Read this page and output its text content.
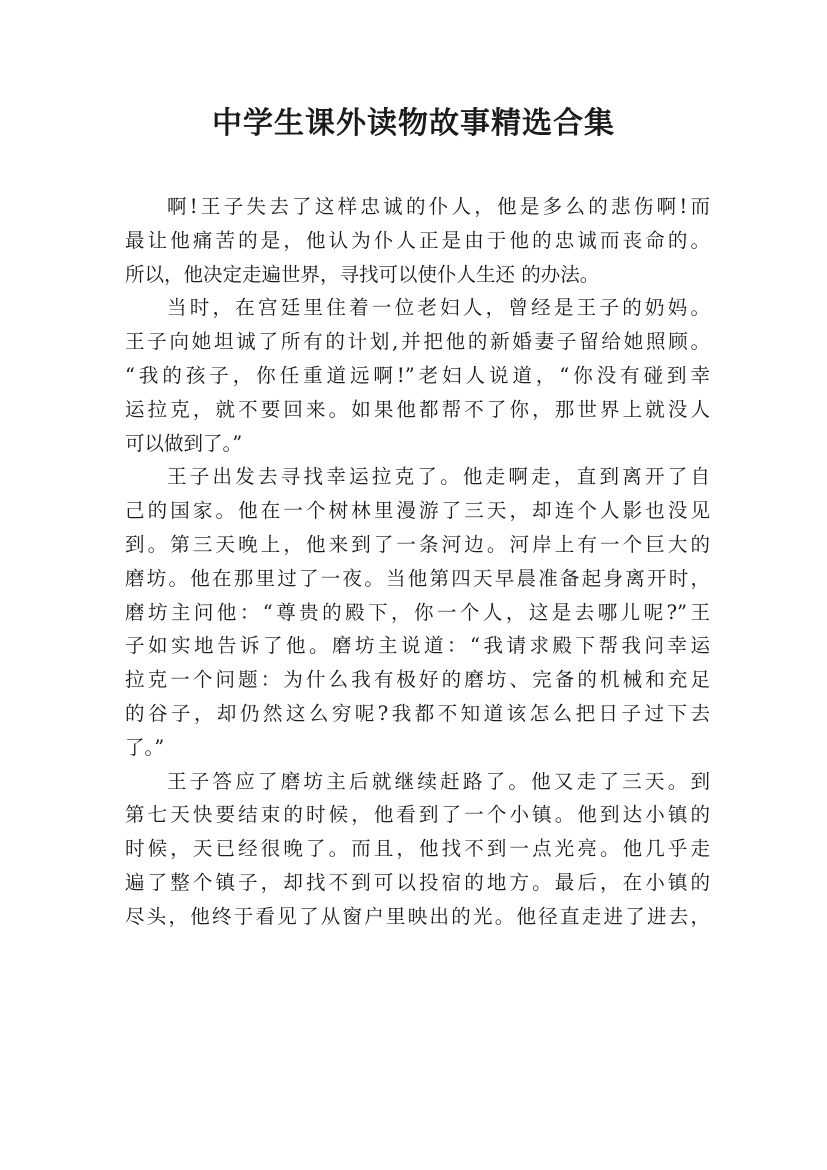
中学生课外读物故事精选合集
啊!王子失去了这样忠诚的仆人，他是多么的悲伤啊!而
最让他痛苦的是，他认为仆人正是由于他的忠诚而丧命的。
所以，他决定走遍世界，寻找可以使仆人生还 的办法。
当时，在宫廷里住着一位老妇人，曾经是王子的奶妈。
王子向她坦诚了所有的计划,并把他的新婚妻子留给她照顾。
“我的孩子，你任重道远啊!”老妇人说道，“你没有碰到幸
运拉克，就不要回来。如果他都帮不了你，那世界上就没人
可以做到了。”
王子出发去寻找幸运拉克了。他走啊走，直到离开了自
己的国家。他在一个树林里漫游了三天，却连个人影也没见
到。第三天晚上，他来到了一条河边。河岸上有一个巨大的
磨坊。他在那里过了一夜。当他第四天早晨准备起身离开时，
磨坊主问他：“尊贵的殿下，你一个人，这是去哪儿呢?”王
子如实地告诉了他。磨坊主说道：“我请求殿下帮我问幸运
拉克一个问题：为什么我有极好的磨坊、完备的机械和充足
的谷子，却仍然这么穷呢?我都不知道该怎么把日子过下去
了。”
王子答应了磨坊主后就继续赶路了。他又走了三天。到
第七天快要结束的时候，他看到了一个小镇。他到达小镇的
时候，天已经很晚了。而且，他找不到一点光亮。他几乎走
遍了整个镇子，却找不到可以投宿的地方。最后，在小镇的
尽头，他终于看见了从窗户里映出的光。他径直走进了进去，
